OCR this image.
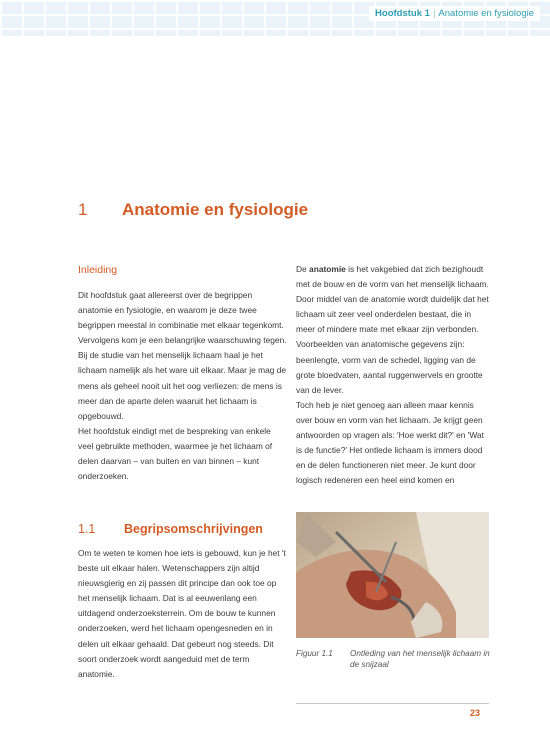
Hoofdstuk 1 | Anatomie en fysiologie
1 Anatomie en fysiologie
Inleiding

Dit hoofdstuk gaat allereerst over de begrippen anatomie en fysiologie, en waarom je deze twee begrippen meestal in combinatie met elkaar tegenkomt.

Vervolgens kom je een belangrijke waarschuwing tegen. Bij de studie van het menselijk lichaam haal je het lichaam namelijk als het ware uit elkaar. Maar je mag de mens als geheel nooit uit het oog verliezen: de mens is meer dan de aparte delen waaruit het lichaam is opgebouwd.

Het hoofdstuk eindigt met de bespreking van enkele veel gebruikte methoden, waarmee je het lichaam of delen daarvan – van buiten en van binnen – kunt onderzoeken.

1.1 Begripsomschrijvingen

Om te weten te komen hoe iets is gebouwd, kun je het 't beste uit elkaar halen. Wetenschappers zijn altijd nieuwsgierig en zij passen dit principe dan ook toe op het menselijk lichaam. Dat is al eeuwenlang een uitdagend onderzoeksterrein. Om de bouw te kunnen onderzoeken, werd het lichaam opengesneden en in delen uit elkaar gehaald. Dat gebeurt nog steeds. Dit soort onderzoek wordt aangeduid met de term anatomie.

De anatomie is het vakgebied dat zich bezighoudt met de bouw en de vorm van het menselijk lichaam. Door middel van de anatomie wordt duidelijk dat het lichaam uit zeer veel onderdelen bestaat, die in meer of mindere mate met elkaar zijn verbonden.

Voorbeelden van anatomische gegevens zijn: beenlengte, vorm van de schedel, ligging van de grote bloedvaten, aantal ruggenwervels en grootte van de lever.

Toch heb je niet genoeg aan alleen maar kennis over bouw en vorm van het lichaam. Je krijgt geen antwoorden op vragen als: 'Hoe werkt dit?' en 'Wat is de functie?' Het ontlede lichaam is immers dood en de delen functioneren niet meer. Je kunt door logisch redeneren een heel eind komen en

Figuur 1.1 Ontleding van het menselijk lichaam in de snijzaal
23
